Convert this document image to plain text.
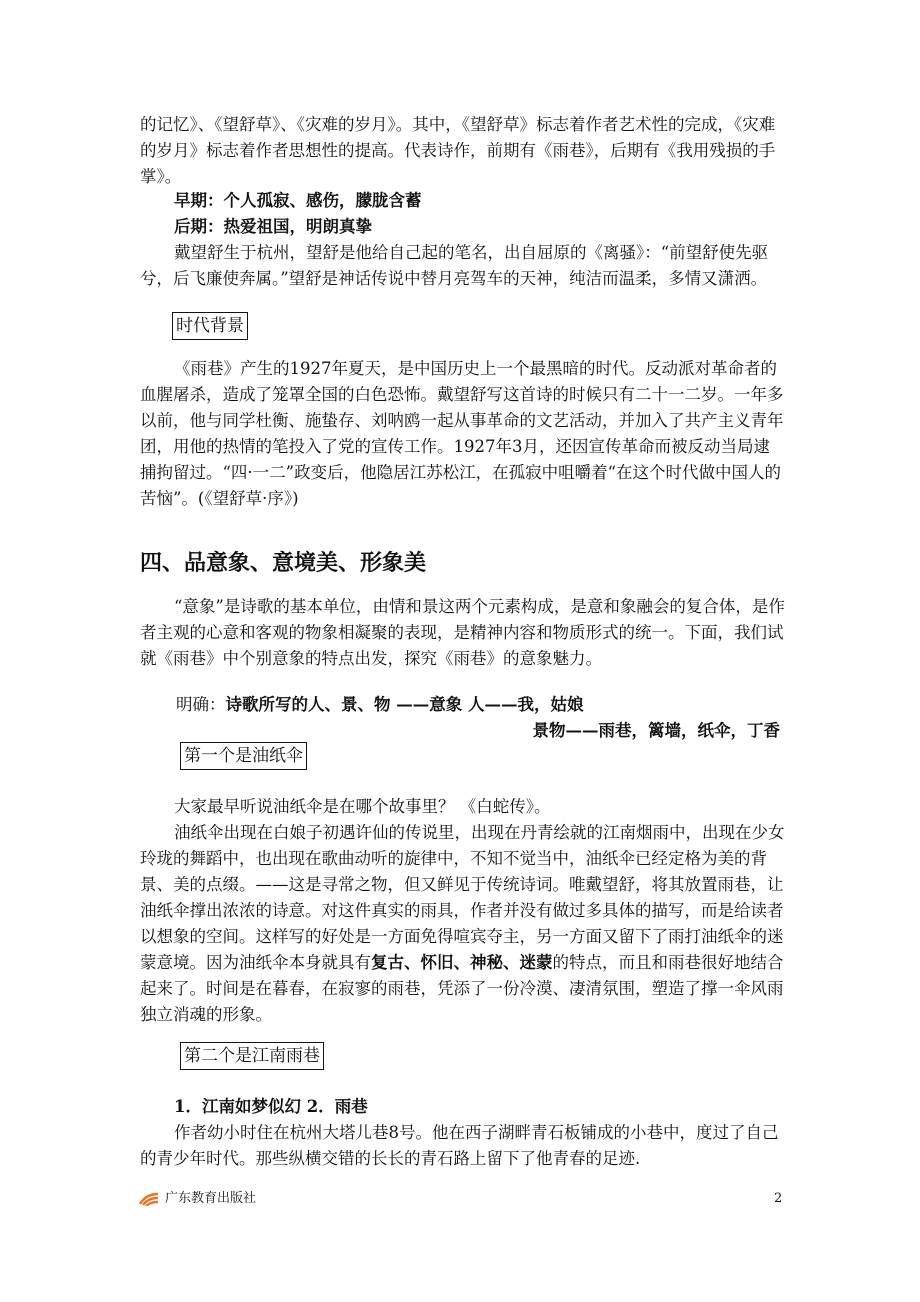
的记忆》、《望舒草》、《灾难的岁月》。其中，《望舒草》标志着作者艺术性的完成，《灾难的岁月》标志着作者思想性的提高。代表诗作，前期有《雨巷》，后期有《我用残损的手掌》。

早期：个人孤寂、感伤，朦胧含蓄

后期：热爱祖国，明朗真挚

戴望舒生于杭州，望舒是他给自己起的笔名，出自屈原的《离骚》：“前望舒使先驱兮，后飞廉使奔属。”望舒是神话传说中替月亮驾车的天神，纯洁而温柔，多情又潇洒。

时代背景

《雨巷》产生的1927年夏天，是中国历史上一个最黑暗的时代。反动派对革命者的血腥屠杀，造成了笼罩全国的白色恐怖。戴望舒写这首诗的时候只有二十一二岁。一年多以前，他与同学杜衡、施蛰存、刘呐鸥一起从事革命的文艺活动，并加入了共产主义青年团，用他的热情的笔投入了党的宣传工作。1927年3月，还因宣传革命而被反动当局逮捕拘留过。“四·一二”政变后，他隐居江苏松江，在孤寂中咀嚼着“在这个时代做中国人的苦恼”。(《望舒草·序》)

四、品意象、意境美、形象美

“意象”是诗歌的基本单位，由情和景这两个元素构成，是意和象融会的复合体，是作者主观的心意和客观的物象相凝聚的表现，是精神内容和物质形式的统一。下面，我们试就《雨巷》中个别意象的特点出发，探究《雨巷》的意象魅力。

明确：诗歌所写的人、景、物 ——意象 人——我，姑娘

景物——雨巷，篱墙，纸伞，丁香

第一个是油纸伞

大家最早听说油纸伞是在哪个故事里？ 《白蛇传》。

油纸伞出现在白娘子初遇许仙的传说里，出现在丹青绘就的江南烟雨中，出现在少女玲珑的舞蹈中，也出现在歌曲动听的旋律中，不知不觉当中，油纸伞已经定格为美的背景、美的点缀。——这是寻常之物，但又鲜见于传统诗词。唯戴望舒，将其放置雨巷，让油纸伞撑出浓浓的诗意。对这件真实的雨具，作者并没有做过多具体的描写，而是给读者以想象的空间。这样写的好处是一方面免得喧宾夺主，另一方面又留下了雨打油纸伞的迷蒙意境。因为油纸伞本身就具有复古、怀旧、神秘、迷蒙的特点，而且和雨巷很好地结合起来了。时间是在暮春，在寂寥的雨巷，凭添了一份冷漠、凄清氛围，塑造了撑一伞风雨独立消魂的形象。

第二个是江南雨巷

1．江南如梦似幻 2．雨巷

作者幼小时住在杭州大塔儿巷8号。他在西子湖畔青石板铺成的小巷中，度过了自己的青少年时代。那些纵横交错的长长的青石路上留下了他青春的足迹.

广东教育出版社	2
